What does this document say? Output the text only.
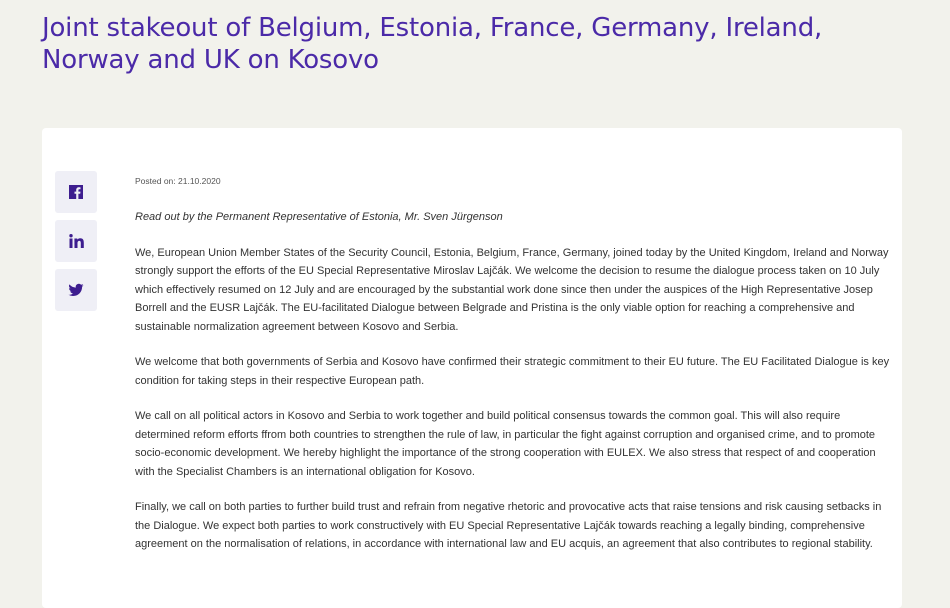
Joint stakeout of Belgium, Estonia, France, Germany, Ireland, Norway and UK on Kosovo

Posted on: 21.10.2020

Read out by the Permanent Representative of Estonia, Mr. Sven Jürgenson

We, European Union Member States of the Security Council, Estonia, Belgium, France, Germany, joined today by the United Kingdom, Ireland and Norway strongly support the efforts of the EU Special Representative Miroslav Lajčák. We welcome the decision to resume the dialogue process taken on 10 July which effectively resumed on 12 July and are encouraged by the substantial work done since then under the auspices of the High Representative Josep Borrell and the EUSR Lajčák. The EU-facilitated Dialogue between Belgrade and Pristina is the only viable option for reaching a comprehensive and sustainable normalization agreement between Kosovo and Serbia.

We welcome that both governments of Serbia and Kosovo have confirmed their strategic commitment to their EU future. The EU Facilitated Dialogue is key condition for taking steps in their respective European path.

We call on all political actors in Kosovo and Serbia to work together and build political consensus towards the common goal. This will also require determined reform efforts ffrom both countries to strengthen the rule of law, in particular the fight against corruption and organised crime, and to promote socio-economic development. We hereby highlight the importance of the strong cooperation with EULEX. We also stress that respect of and cooperation with the Specialist Chambers is an international obligation for Kosovo.

Finally, we call on both parties to further build trust and refrain from negative rhetoric and provocative acts that raise tensions and risk causing setbacks in the Dialogue. We expect both parties to work constructively with EU Special Representative Lajčák towards reaching a legally binding, comprehensive agreement on the normalisation of relations, in accordance with international law and EU acquis, an agreement that also contributes to regional stability.
